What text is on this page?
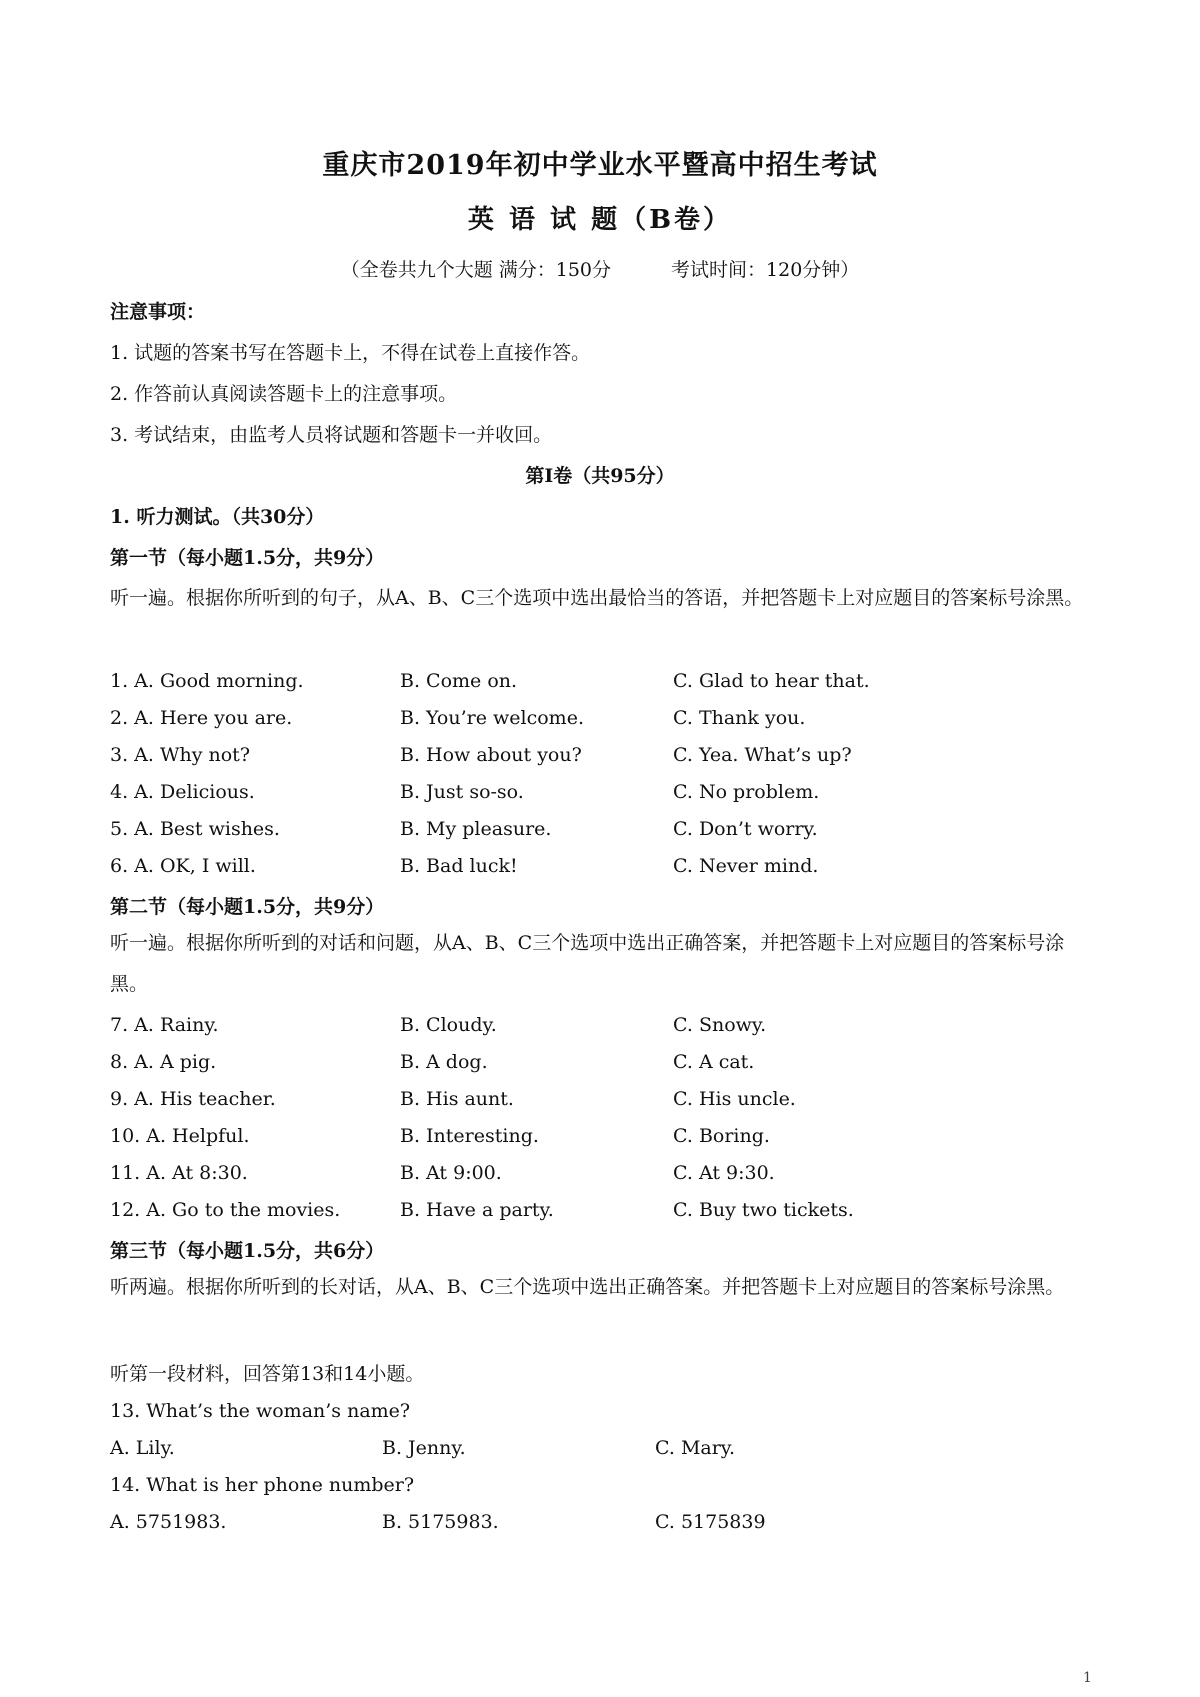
重庆市2019年初中学业水平暨高中招生考试
英 语 试 题（B卷）
（全卷共九个大题 满分：150分	考试时间：120分钟）
注意事项：
1. 试题的答案书写在答题卡上，不得在试卷上直接作答。
2. 作答前认真阅读答题卡上的注意事项。
3. 考试结束，由监考人员将试题和答题卡一并收回。
第Ⅰ卷（共95分）
1. 听力测试。（共30分）
第一节（每小题1.5分，共9分）
听一遍。根据你所听到的句子，从A、B、C三个选项中选出最恰当的答语，并把答题卡上对应题目的答案标号涂黑。
1. A. Good morning.	B. Come on.	C. Glad to hear that.
2. A. Here you are.	B. You’re welcome.	C. Thank you.
3. A. Why not?	B. How about you?	C. Yea. What’s up?
4. A. Delicious.	B. Just so-so.	C. No problem.
5. A. Best wishes.	B. My pleasure.	C. Don’t worry.
6. A. OK, I will.	B. Bad luck!	C. Never mind.
第二节（每小题1.5分，共9分）
听一遍。根据你所听到的对话和问题，从A、B、C三个选项中选出正确答案，并把答题卡上对应题目的答案标号涂黑。
7. A. Rainy.	B. Cloudy.	C. Snowy.
8. A. A pig.	B. A dog.	C. A cat.
9. A. His teacher.	B. His aunt.	C. His uncle.
10. A. Helpful.	B. Interesting.	C. Boring.
11. A. At 8:30.	B. At 9:00.	C. At 9:30.
12. A. Go to the movies.	B. Have a party.	C. Buy two tickets.
第三节（每小题1.5分，共6分）
听两遍。根据你所听到的长对话，从A、B、C三个选项中选出正确答案。并把答题卡上对应题目的答案标号涂黑。
听第一段材料，回答第13和14小题。
13. What’s the woman’s name?
A. Lily.	B. Jenny.	C. Mary.
14. What is her phone number?
A. 5751983.	B. 5175983.	C. 5175839
1
